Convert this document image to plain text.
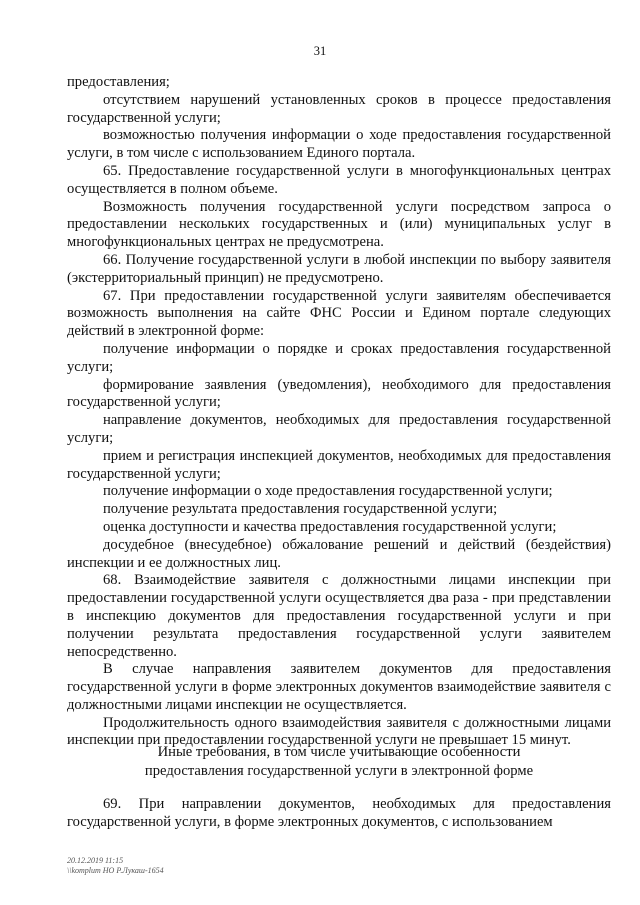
31

предоставления;

отсутствием нарушений установленных сроков в процессе предоставления государственной услуги;

возможностью получения информации о ходе предоставления государственной услуги, в том числе с использованием Единого портала.

65. Предоставление государственной услуги в многофункциональных центрах осуществляется в полном объеме.

Возможность получения государственной услуги посредством запроса о предоставлении нескольких государственных и (или) муниципальных услуг в многофункциональных центрах не предусмотрена.

66. Получение государственной услуги в любой инспекции по выбору заявителя (экстерриториальный принцип) не предусмотрено.

67. При предоставлении государственной услуги заявителям обеспечивается возможность выполнения на сайте ФНС России и Едином портале следующих действий в электронной форме:

получение информации о порядке и сроках предоставления государственной услуги;

формирование заявления (уведомления), необходимого для предоставления государственной услуги;

направление документов, необходимых для предоставления государственной услуги;

прием и регистрация инспекцией документов, необходимых для предоставления государственной услуги;

получение информации о ходе предоставления государственной услуги;

получение результата предоставления государственной услуги;

оценка доступности и качества предоставления государственной услуги;

досудебное (внесудебное) обжалование решений и действий (бездействия) инспекции и ее должностных лиц.

68. Взаимодействие заявителя с должностными лицами инспекции при предоставлении государственной услуги осуществляется два раза - при представлении в инспекцию документов для предоставления государственной услуги и при получении результата предоставления государственной услуги заявителем непосредственно.

В случае направления заявителем документов для предоставления государственной услуги в форме электронных документов взаимодействие заявителя с должностными лицами инспекции не осуществляется.

Продолжительность одного взаимодействия заявителя с должностными лицами инспекции при предоставлении государственной услуги не превышает 15 минут.

Иные требования, в том числе учитывающие особенности
предоставления государственной услуги в электронной форме

69. При направлении документов, необходимых для предоставления государственной услуги, в форме электронных документов, с использованием

20.12.2019 11:15
\\komplum НО Р.Лукаш-1654
